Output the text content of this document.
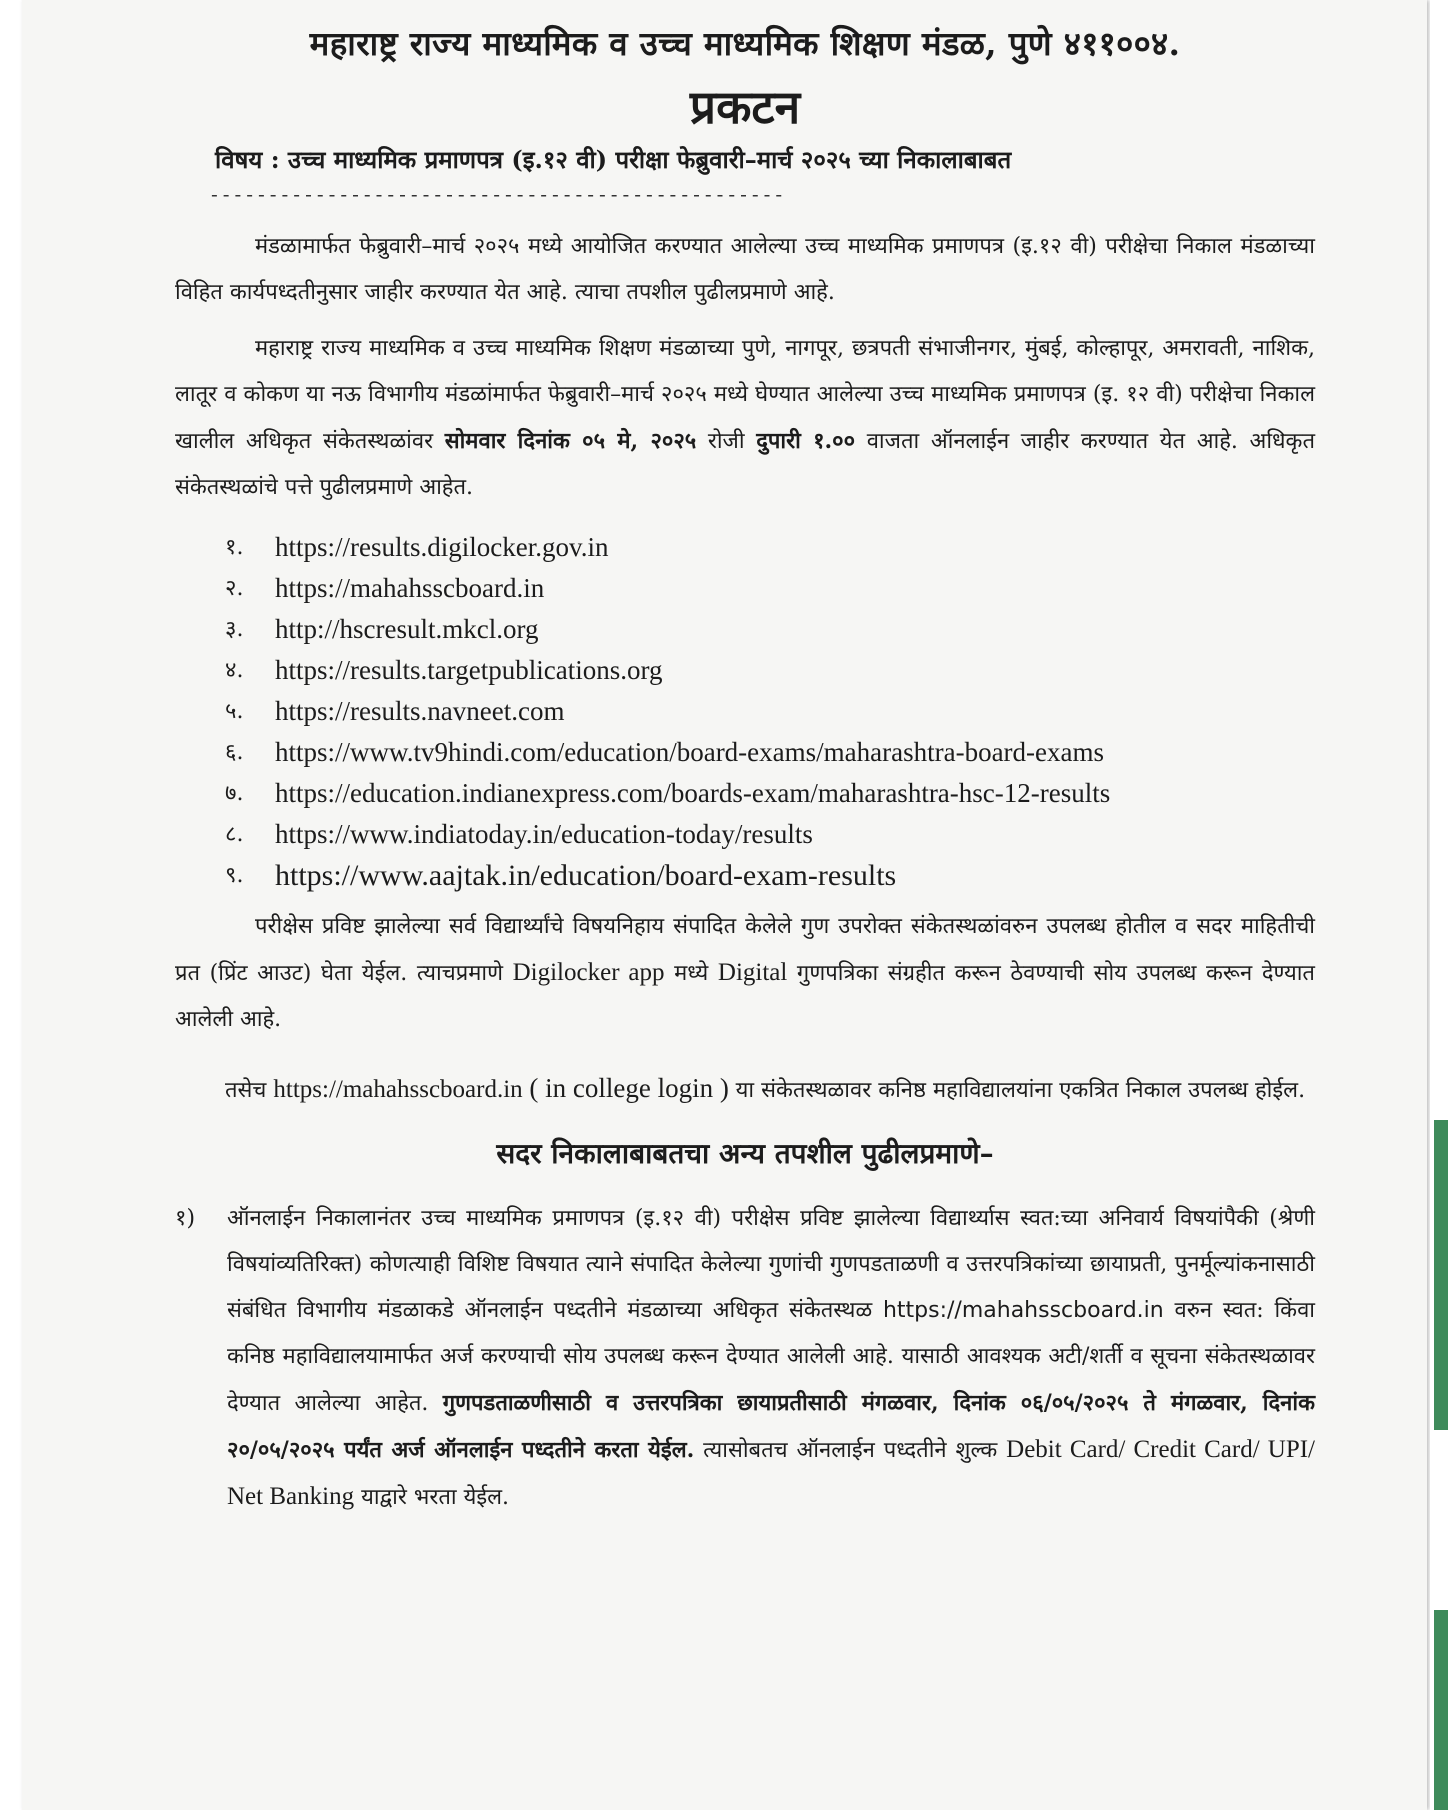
महाराष्ट्र राज्य माध्यमिक व उच्च माध्यमिक शिक्षण मंडळ, पुणे ४११००४.
प्रकटन
विषय : उच्च माध्यमिक प्रमाणपत्र (इ.१२ वी) परीक्षा फेब्रुवारी–मार्च २०२५ च्या निकालाबाबत
-------------------------------------------------

मंडळामार्फत फेब्रुवारी–मार्च २०२५ मध्ये आयोजित करण्यात आलेल्या उच्च माध्यमिक प्रमाणपत्र (इ.१२ वी) परीक्षेचा निकाल मंडळाच्या विहित कार्यपध्दतीनुसार जाहीर करण्यात येत आहे. त्याचा तपशील पुढीलप्रमाणे आहे.

महाराष्ट्र राज्य माध्यमिक व उच्च माध्यमिक शिक्षण मंडळाच्या पुणे, नागपूर, छत्रपती संभाजीनगर, मुंबई, कोल्हापूर, अमरावती, नाशिक, लातूर व कोकण या नऊ विभागीय मंडळांमार्फत फेब्रुवारी–मार्च २०२५ मध्ये घेण्यात आलेल्या उच्च माध्यमिक प्रमाणपत्र (इ. १२ वी) परीक्षेचा निकाल खालील अधिकृत संकेतस्थळांवर सोमवार दिनांक ०५ मे, २०२५ रोजी दुपारी १.०० वाजता ऑनलाईन जाहीर करण्यात येत आहे. अधिकृत संकेतस्थळांचे पत्ते पुढीलप्रमाणे आहेत.

१.	https://results.digilocker.gov.in
२.	https://mahahsscboard.in
३.	http://hscresult.mkcl.org
४.	https://results.targetpublications.org
५.	https://results.navneet.com
६.	https://www.tv9hindi.com/education/board-exams/maharashtra-board-exams
७.	https://education.indianexpress.com/boards-exam/maharashtra-hsc-12-results
८.	https://www.indiatoday.in/education-today/results
९.	https://www.aajtak.in/education/board-exam-results

परीक्षेस प्रविष्ट झालेल्या सर्व विद्यार्थ्यांचे विषयनिहाय संपादित केलेले गुण उपरोक्त संकेतस्थळांवरुन उपलब्ध होतील व सदर माहितीची प्रत (प्रिंट आउट) घेता येईल. त्याचप्रमाणे Digilocker app मध्ये Digital गुणपत्रिका संग्रहीत करून ठेवण्याची सोय उपलब्ध करून देण्यात आलेली आहे.

तसेच https://mahahsscboard.in ( in college login ) या संकेतस्थळावर कनिष्ठ महाविद्यालयांना एकत्रित निकाल उपलब्ध होईल.

सदर निकालाबाबतचा अन्य तपशील पुढीलप्रमाणे–
१)	ऑनलाईन निकालानंतर उच्च माध्यमिक प्रमाणपत्र (इ.१२ वी) परीक्षेस प्रविष्ट झालेल्या विद्यार्थ्यास स्वत:च्या अनिवार्य विषयांपैकी (श्रेणी विषयांव्यतिरिक्त) कोणत्याही विशिष्ट विषयात त्याने संपादित केलेल्या गुणांची गुणपडताळणी व उत्तरपत्रिकांच्या छायाप्रती, पुनर्मूल्यांकनासाठी संबंधित विभागीय मंडळाकडे ऑनलाईन पध्दतीने मंडळाच्या अधिकृत संकेतस्थळ https://mahahsscboard.in वरुन स्वत: किंवा कनिष्ठ महाविद्यालयामार्फत अर्ज करण्याची सोय उपलब्ध करून देण्यात आलेली आहे. यासाठी आवश्यक अटी/शर्ती व सूचना संकेतस्थळावर देण्यात आलेल्या आहेत. गुणपडताळणीसाठी व उत्तरपत्रिका छायाप्रतीसाठी मंगळवार, दिनांक ०६/०५/२०२५ ते मंगळवार, दिनांक २०/०५/२०२५ पर्यंत अर्ज ऑनलाईन पध्दतीने करता येईल. त्यासोबतच ऑनलाईन पध्दतीने शुल्क Debit Card/ Credit Card/ UPI/ Net Banking याद्वारे भरता येईल.
